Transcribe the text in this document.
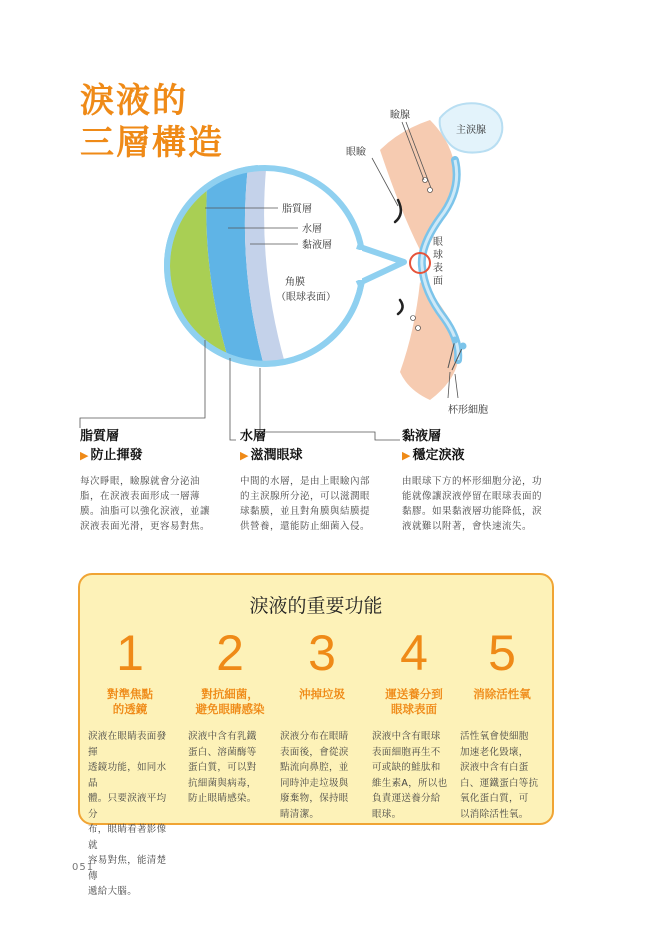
淚液的
三層構造
脂質層
水層
黏液層
角膜
（眼球表面）
瞼腺
主淚腺
眼瞼
眼
球
表
面
杯形細胞

脂質層

▶ 防止揮發

每次睜眼，瞼腺就會分泌油
脂，在淚液表面形成一層薄
膜。油脂可以強化淚液，並讓
淚液表面光滑，更容易對焦。

水層

▶ 滋潤眼球

中間的水層，是由上眼瞼內部
的主淚腺所分泌，可以滋潤眼
球黏膜，並且對角膜與結膜提
供營養，還能防止細菌入侵。

黏液層

▶ 穩定淚液

由眼球下方的杯形細胞分泌，功
能就像讓淚液停留在眼球表面的
黏膠。如果黏液層功能降低，淚
液就難以附著，會快速流失。

淚液的重要功能

1
對準焦點
的透鏡
淚液在眼睛表面發揮
透鏡功能，如同水晶
體。只要淚液平均分
布，眼睛看著影像就
容易對焦，能清楚傳
遞給大腦。
2
對抗細菌，
避免眼睛感染
淚液中含有乳鐵
蛋白、溶菌酶等
蛋白質，可以對
抗細菌與病毒，
防止眼睛感染。
3
沖掉垃圾
淚液分布在眼睛
表面後，會從淚
點流向鼻腔，並
同時沖走垃圾與
廢棄物，保持眼
睛清潔。
4
運送養分到
眼球表面
淚液中含有眼球
表面細胞再生不
可或缺的鮭肽和
維生素A，所以也
負責運送養分給
眼球。
5
消除活性氧
活性氧會使細胞
加速老化毀壞，
淚液中含有白蛋
白、運鐵蛋白等抗
氧化蛋白質，可
以消除活性氧。
051
